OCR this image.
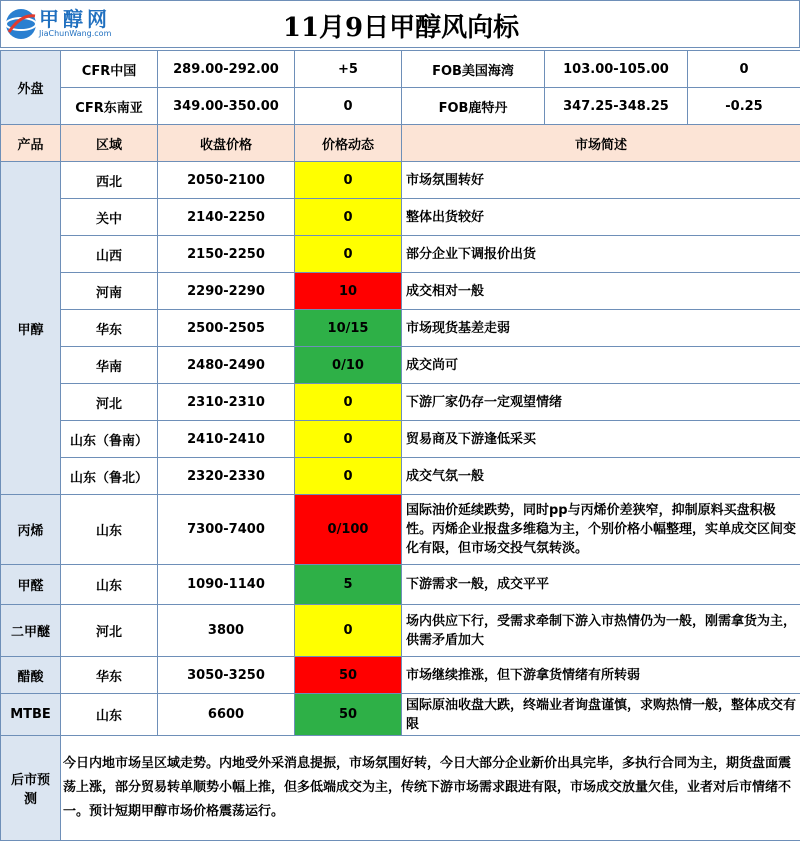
甲醇网
JiaChunWang.com	11月9日甲醇风向标
外盘	CFR中国	289.00-292.00	+5	FOB美国海湾	103.00-105.00	0
	CFR东南亚	349.00-350.00	0	FOB鹿特丹	347.25-348.25	-0.25
产品	区域	收盘价格	价格动态	市场简述		
甲醇	西北	2050-2100	0	市场氛围转好		
	关中	2140-2250	0	整体出货较好		
	山西	2150-2250	0	部分企业下调报价出货		
	河南	2290-2290	10	成交相对一般		
	华东	2500-2505	10/15	市场现货基差走弱		
	华南	2480-2490	0/10	成交尚可		
	河北	2310-2310	0	下游厂家仍存一定观望情绪		
	山东（鲁南）	2410-2410	0	贸易商及下游逢低采买		
	山东（鲁北）	2320-2330	0	成交气氛一般		
丙烯	山东	7300-7400	0/100	国际油价延续跌势，同时pp与丙烯价差狭窄，抑制原料买盘积极性。丙烯企业报盘多维稳为主，个别价格小幅整理，实单成交区间变化有限，但市场交投气氛转淡。		
甲醛	山东	1090-1140	5	下游需求一般，成交平平		
二甲醚	河北	3800	0	场内供应下行，受需求牵制下游入市热情仍为一般，刚需拿货为主，供需矛盾加大		
醋酸	华东	3050-3250	50	市场继续推涨，但下游拿货情绪有所转弱		
MTBE	山东	6600	50	国际原油收盘大跌，终端业者询盘谨慎，求购热情一般，整体成交有限		
后市预测	今日内地市场呈区域走势。内地受外采消息提振，市场氛围好转，今日大部分企业新价出具完毕，多执行合同为主，期货盘面震荡上涨，部分贸易转单顺势小幅上推，但多低端成交为主，传统下游市场需求跟进有限，市场成交放量欠佳，业者对后市情绪不一。预计短期甲醇市场价格震荡运行。					
